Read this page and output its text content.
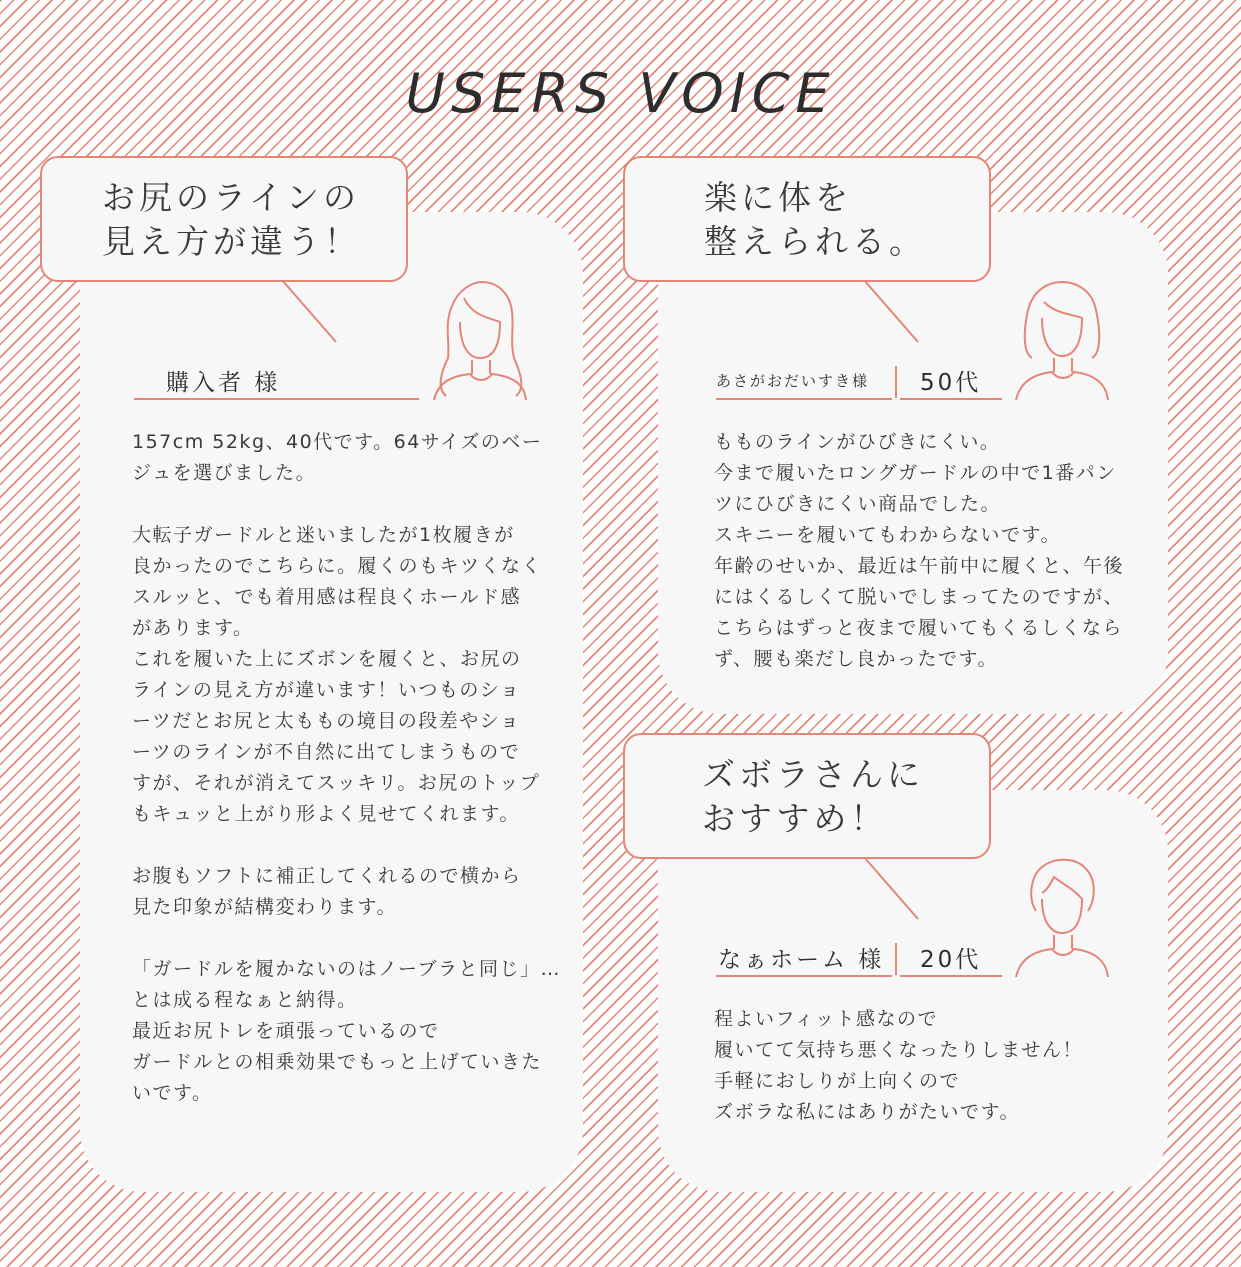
USERS VOICE
お尻のラインの
見え方が違う！
購入者 様
157cm 52kg、40代です。64サイズのベー
ジュを選びました。

大転子ガードルと迷いましたが1枚履きが
良かったのでこちらに。履くのもキツくなく
スルッと、でも着用感は程良くホールド感
があります。
これを履いた上にズボンを履くと、お尻の
ラインの見え方が違います！いつものショ
ーツだとお尻と太ももの境目の段差やショ
ーツのラインが不自然に出てしまうもので
すが、それが消えてスッキリ。お尻のトップ
もキュッと上がり形よく見せてくれます。

お腹もソフトに補正してくれるので横から
見た印象が結構変わります。

「ガードルを履かないのはノーブラと同じ」…
とは成る程なぁと納得。
最近お尻トレを頑張っているので
ガードルとの相乗効果でもっと上げていきた
いです。
楽に体を
整えられる。
あさがおだいすき様 50代
もものラインがひびきにくい。
今まで履いたロングガードルの中で1番パン
ツにひびきにくい商品でした。
スキニーを履いてもわからないです。
年齢のせいか、最近は午前中に履くと、午後
にはくるしくて脱いでしまってたのですが、
こちらはずっと夜まで履いてもくるしくなら
ず、腰も楽だし良かったです。
ズボラさんに
おすすめ！
なぁホーム 様 20代
程よいフィット感なので
履いてて気持ち悪くなったりしません！
手軽におしりが上向くので
ズボラな私にはありがたいです。
